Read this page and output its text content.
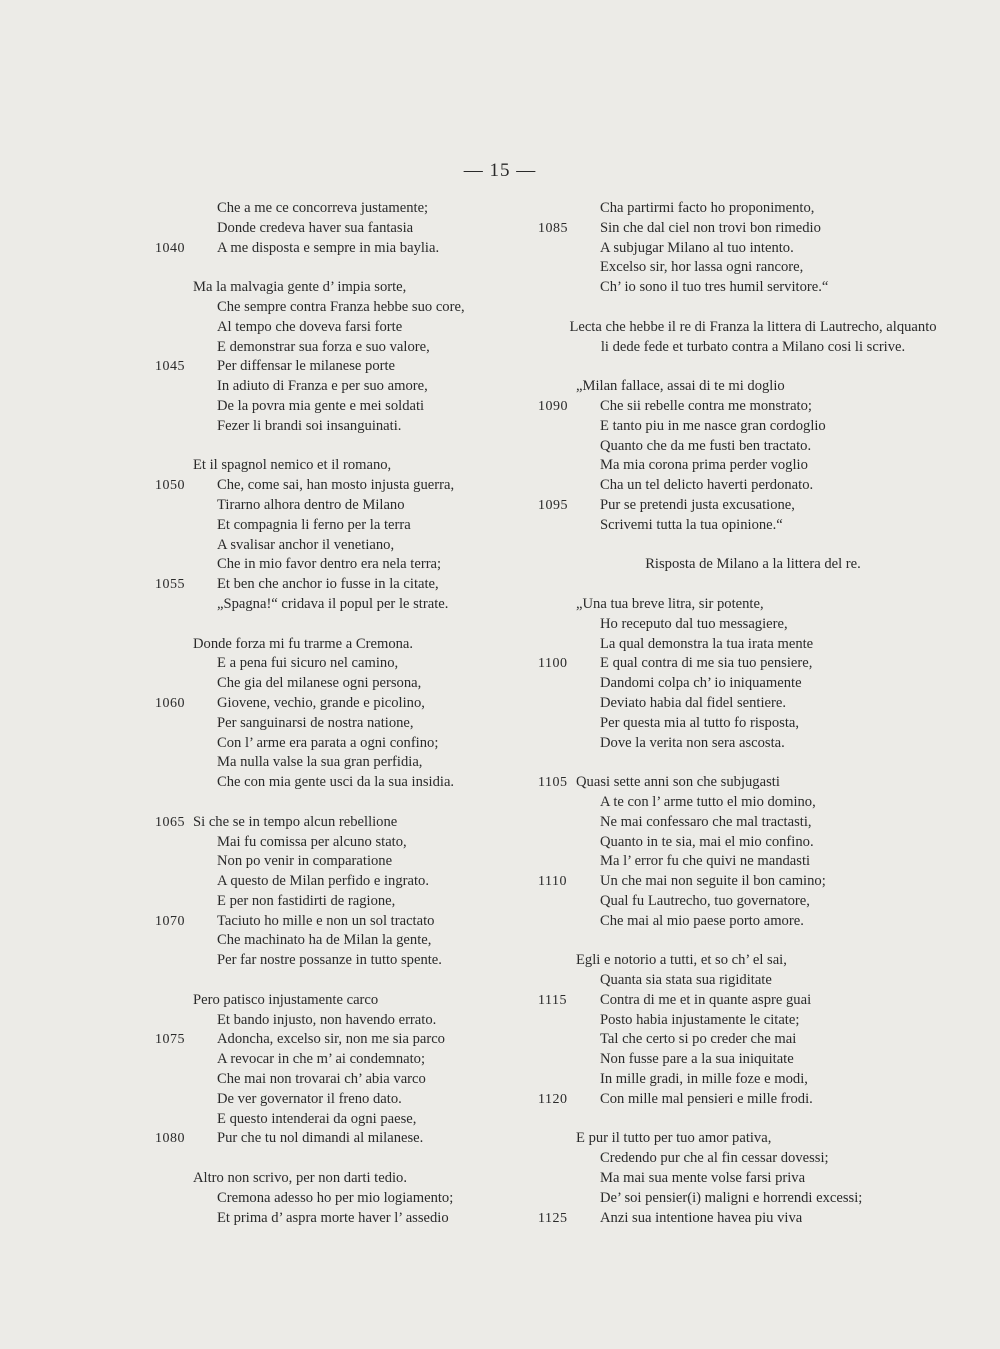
— 15 —
Che a me ce concorreva justamente;
Donde credeva haver sua fantasia
1040 A me disposta e sempre in mia baylia.
Ma la malvagia gente d’ impia sorte,
Che sempre contra Franza hebbe suo core,
Al tempo che doveva farsi forte
E demonstrar sua forza e suo valore,
1045 Per diffensar le milanese porte
In adiuto di Franza e per suo amore,
De la povra mia gente e mei soldati
Fezer li brandi soi insanguinati.
Et il spagnol nemico et il romano,
1050 Che, come sai, han mosto injusta guerra,
Tirarno alhora dentro de Milano
Et compagnia li ferno per la terra
A svalisar anchor il venetiano,
Che in mio favor dentro era nela terra;
1055 Et ben che anchor io fusse in la citate,
„Spagna!“ cridava il popul per le strate.
Donde forza mi fu trarme a Cremona.
E a pena fui sicuro nel camino,
Che gia del milanese ogni persona,
1060 Giovene, vechio, grande e picolino,
Per sanguinarsi de nostra natione,
Con l’ arme era parata a ogni confino;
Ma nulla valse la sua gran perfidia,
Che con mia gente usci da la sua insidia.
1065 Si che se in tempo alcun rebellione
Mai fu comissa per alcuno stato,
Non po venir in comparatione
A questo de Milan perfido e ingrato.
E per non fastidirti de ragione,
1070 Taciuto ho mille e non un sol tractato
Che machinato ha de Milan la gente,
Per far nostre possanze in tutto spente.
Pero patisco injustamente carco
Et bando injusto, non havendo errato.
1075 Adoncha, excelso sir, non me sia parco
A revocar in che m’ ai condemnato;
Che mai non trovarai ch’ abia varco
De ver governator il freno dato.
E questo intenderai da ogni paese,
1080 Pur che tu nol dimandi al milanese.
Altro non scrivo, per non darti tedio.
Cremona adesso ho per mio logiamento;
Et prima d’ aspra morte haver l’ assedio
Cha partirmi facto ho proponimento,
1085 Sin che dal ciel non trovi bon rimedio
A subjugar Milano al tuo intento.
Excelso sir, hor lassa ogni rancore,
Ch’ io sono il tuo tres humil servitore.“
Lecta che hebbe il re di Franza la littera di Lautrecho, alquanto li dede fede et turbato contra a Milano cosi li scrive.
„Milan fallace, assai di te mi doglio
1090 Che sii rebelle contra me monstrato;
E tanto piu in me nasce gran cordoglio
Quanto che da me fusti ben tractato.
Ma mia corona prima perder voglio
Cha un tel delicto haverti perdonato.
1095 Pur se pretendi justa excusatione,
Scrivemi tutta la tua opinione.“
Risposta de Milano a la littera del re.
„Una tua breve litra, sir potente,
Ho receputo dal tuo messagiere,
La qual demonstra la tua irata mente
1100	E qual contra di me sia tuo pensiere,
Dandomi colpa ch’ io iniquamente
Deviato habia dal fidel sentiere.
Per questa mia al tutto fo risposta,
Dove la verita non sera ascosta.
1105 Quasi sette anni son che subjugasti
A te con l’ arme tutto el mio domino,
Ne mai confessaro che mal tractasti,
Quanto in te sia, mai el mio confino.
Ma l’ error fu che quivi ne mandasti
1110	Un che mai non seguite il bon camino;
Qual fu Lautrecho, tuo governatore,
Che mai al mio paese porto amore.
Egli e notorio a tutti, et so ch’ el sai,
Quanta sia stata sua rigiditate
1115	Contra di me et in quante aspre guai
Posto habia injustamente le citate;
Tal che certo si po creder che mai
Non fusse pare a la sua iniquitate
In mille gradi, in mille foze e modi,
1120	Con mille mal pensieri e mille frodi.
E pur il tutto per tuo amor pativa,
Credendo pur che al fin cessar dovessi;
Ma mai sua mente volse farsi priva
De’ soi pensier(i) maligni e horrendi excessi;
1125	Anzi sua intentione havea piu viva
